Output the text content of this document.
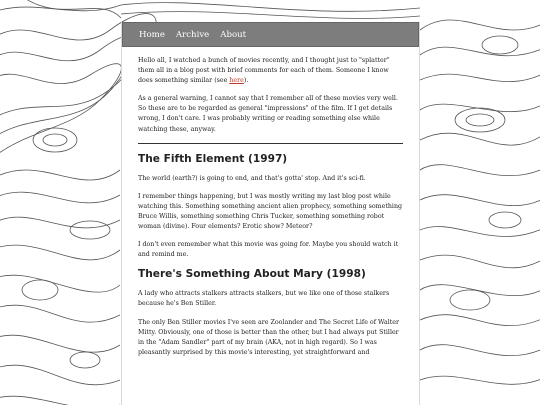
Home Archive About

Hello all, I watched a bunch of movies recently, and I thought just to "splatter" them all in a blog post with brief comments for each of them. Someone I know does something similar (see here).

As a general warning, I cannot say that I remember all of these movies very well. So these are to be regarded as general "impressions" of the film. If I get details wrong, I don't care. I was probably writing or reading something else while watching these, anyway.

The Fifth Element (1997)

The world (earth?) is going to end, and that's gotta' stop. And it's sci-fi.

I remember things happening, but I was mostly writing my last blog post while watching this. Something something ancient alien prophecy, something something Bruce Willis, something something Chris Tucker, something something robot woman (divine). Four elements? Erotic show? Meteor?

I don't even remember what this movie was going for. Maybe you should watch it and remind me.

There's Something About Mary (1998)

A lady who attracts stalkers attracts stalkers, but we like one of those stalkers because he's Ben Stiller.

The only Ben Stiller movies I've seen are Zoolander and The Secret Life of Walter Mitty. Obviously, one of those is better than the other, but I had always put Stiller in the "Adam Sandler" part of my brain (AKA, not in high regard). So I was pleasantly surprised by this movie's interesting, yet straightforward and
